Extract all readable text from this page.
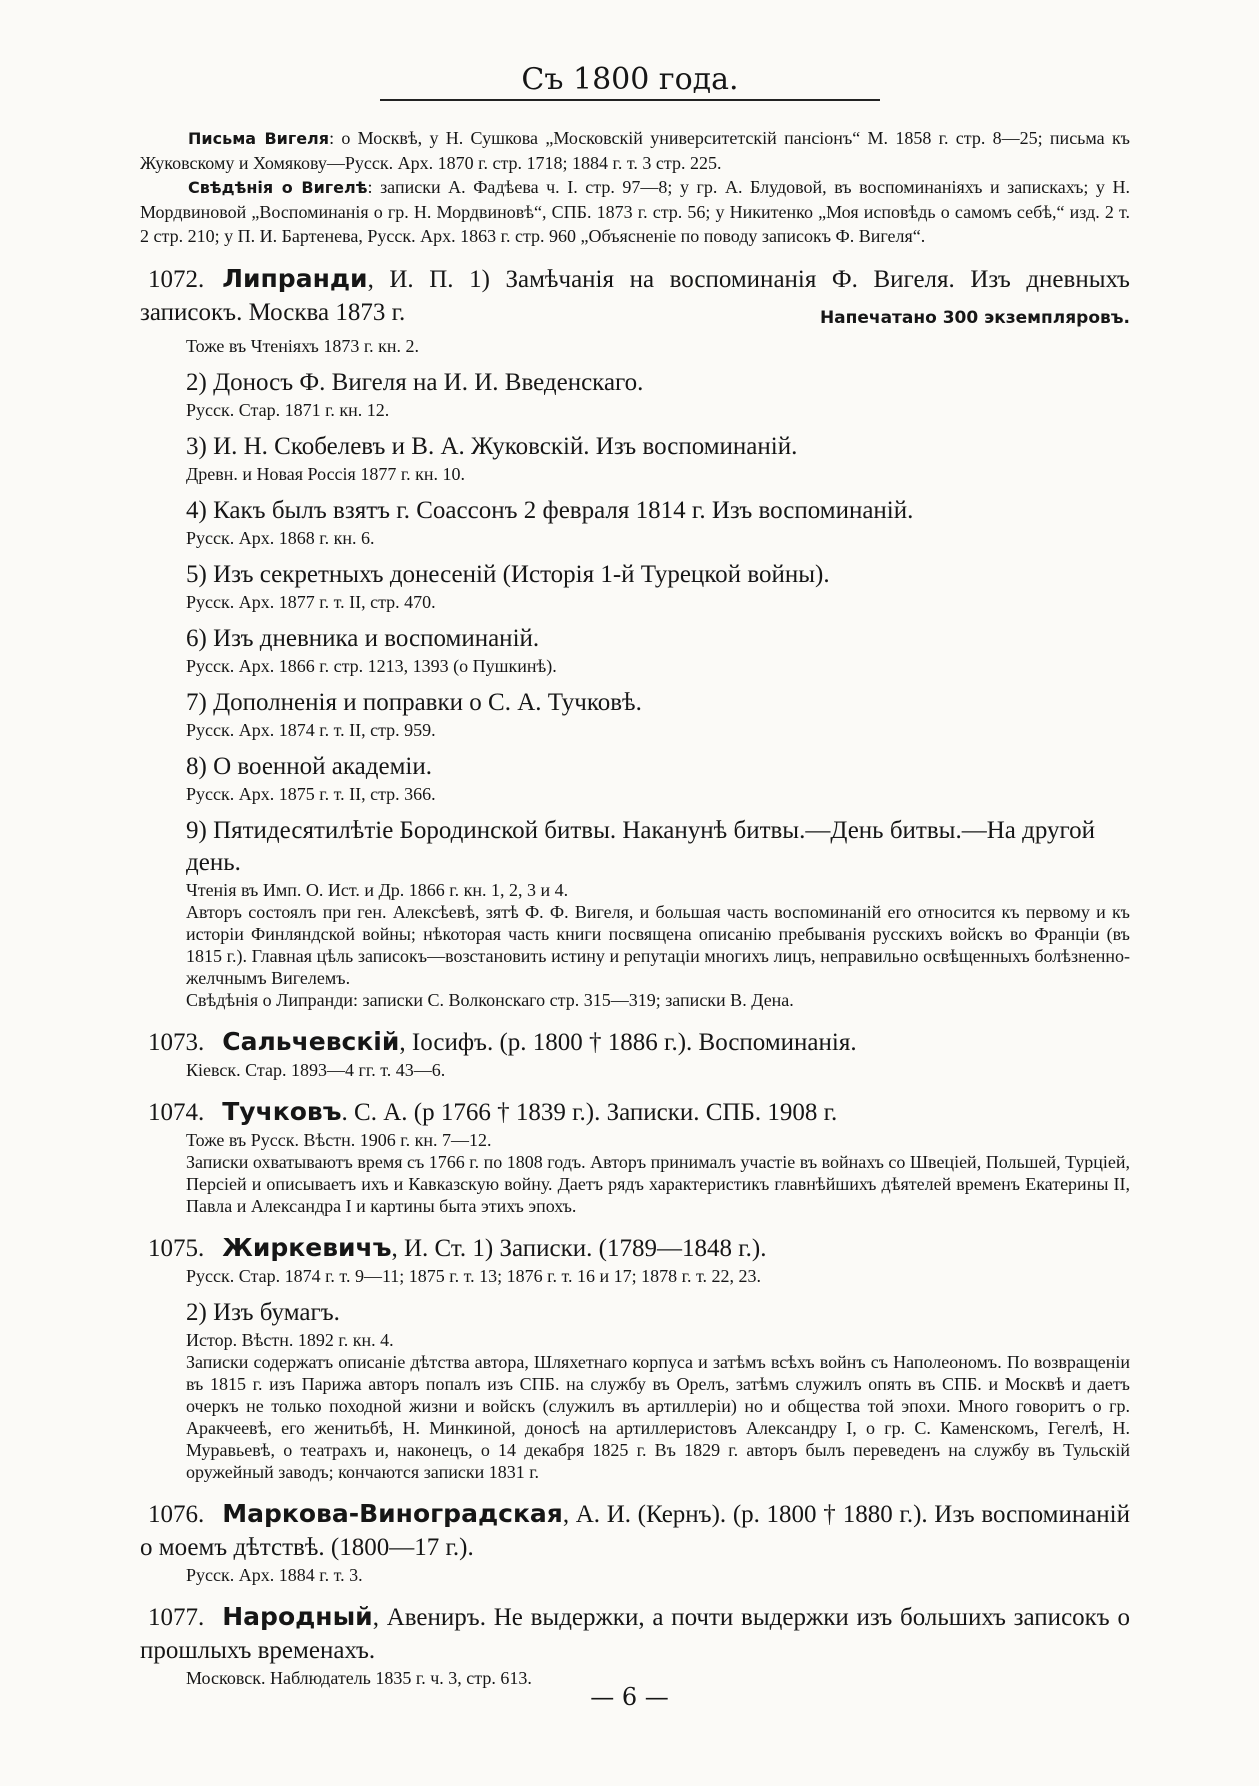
Съ 1800 года.

Письма Вигеля: о Москвѣ, у Н. Сушкова „Московскій университетскій пансіонъ“ М. 1858 г. стр. 8—25; письма къ Жуковскому и Хомякову—Русск. Арх. 1870 г. стр. 1718; 1884 г. т. 3 стр. 225.

Свѣдѣнія о Вигелѣ: записки А. Фадѣева ч. I. стр. 97—8; у гр. А. Блудовой, въ воспоминаніяхъ и запискахъ; у Н. Мордвиновой „Воспоминанія о гр. Н. Мордвиновѣ“, СПБ. 1873 г. стр. 56; у Никитенко „Моя исповѣдь о самомъ себѣ,“ изд. 2 т. 2 стр. 210; у П. И. Бартенева, Русск. Арх. 1863 г. стр. 960 „Объясненіе по поводу записокъ Ф. Вигеля“.

1072. Липранди, И. П. 1) Замѣчанія на воспоминанія Ф. Вигеля. Изъ дневныхъ записокъ. Москва 1873 г.	Напечатано 300 экземпляровъ.
Тоже въ Чтеніяхъ 1873 г. кн. 2.
2) Доносъ Ф. Вигеля на И. И. Введенскаго.
Русск. Стар. 1871 г. кн. 12.
3) И. Н. Скобелевъ и В. А. Жуковскій. Изъ воспоминаній.
Древн. и Новая Россія 1877 г. кн. 10.
4) Какъ былъ взятъ г. Соассонъ 2 февраля 1814 г. Изъ воспоминаній.
Русск. Арх. 1868 г. кн. 6.
5) Изъ секретныхъ донесеній (Исторія 1-й Турецкой войны).
Русск. Арх. 1877 г. т. II, стр. 470.
6) Изъ дневника и воспоминаній.
Русск. Арх. 1866 г. стр. 1213, 1393 (о Пушкинѣ).
7) Дополненія и поправки о С. А. Тучковѣ.
Русск. Арх. 1874 г. т. II, стр. 959.
8) О военной академіи.
Русск. Арх. 1875 г. т. II, стр. 366.
9) Пятидесятилѣтіе Бородинской битвы. Наканунѣ битвы.—День битвы.—На другой день.
Чтенія въ Имп. О. Ист. и Др. 1866 г. кн. 1, 2, 3 и 4.

Авторъ состоялъ при ген. Алексѣевѣ, зятѣ Ф. Ф. Вигеля, и большая часть воспоминаній его относится къ первому и къ исторіи Финляндской войны; нѣкоторая часть книги посвящена описанію пребыванія русскихъ войскъ во Франціи (въ 1815 г.). Главная цѣль записокъ—возстановить истину и репутаціи многихъ лицъ, неправильно освѣщенныхъ болѣзненно-желчнымъ Вигелемъ.

Свѣдѣнія о Липранди: записки С. Волконскаго стр. 315—319; записки В. Дена.

1073. Сальчевскій, Іосифъ. (р. 1800 † 1886 г.). Воспоминанія.
Кіевск. Стар. 1893—4 гг. т. 43—6.
1074. Тучковъ. С. А. (р 1766 † 1839 г.). Записки. СПБ. 1908 г.
Тоже въ Русск. Вѣстн. 1906 г. кн. 7—12.

Записки охватываютъ время съ 1766 г. по 1808 годъ. Авторъ принималъ участіе въ войнахъ со Швеціей, Польшей, Турціей, Персіей и описываетъ ихъ и Кавказскую войну. Даетъ рядъ характеристикъ главнѣйшихъ дѣятелей временъ Екатерины II, Павла и Александра I и картины быта этихъ эпохъ.

1075. Жиркевичъ, И. Ст. 1) Записки. (1789—1848 г.).
Русск. Стар. 1874 г. т. 9—11; 1875 г. т. 13; 1876 г. т. 16 и 17; 1878 г. т. 22, 23.
2) Изъ бумагъ.
Истор. Вѣстн. 1892 г. кн. 4.

Записки содержатъ описаніе дѣтства автора, Шляхетнаго корпуса и затѣмъ всѣхъ войнъ съ Наполеономъ. По возвращеніи въ 1815 г. изъ Парижа авторъ попалъ изъ СПБ. на службу въ Орелъ, затѣмъ служилъ опять въ СПБ. и Москвѣ и даетъ очеркъ не только походной жизни и войскъ (служилъ въ артиллеріи) но и общества той эпохи. Много говоритъ о гр. Аракчеевѣ, его женитьбѣ, Н. Минкиной, доносѣ на артиллеристовъ Александру I, о гр. С. Каменскомъ, Гегелѣ, Н. Муравьевѣ, о театрахъ и, наконецъ, о 14 декабря 1825 г. Въ 1829 г. авторъ былъ переведенъ на службу въ Тульскій оружейный заводъ; кончаются записки 1831 г.

1076. Маркова-Виноградская, А. И. (Кернъ). (р. 1800 † 1880 г.). Изъ воспоминаній о моемъ дѣтствѣ. (1800—17 г.).
Русск. Арх. 1884 г. т. 3.
1077. Народный, Авениръ. Не выдержки, а почти выдержки изъ большихъ записокъ о прошлыхъ временахъ.
Московск. Наблюдатель 1835 г. ч. 3, стр. 613.
— 6 —
